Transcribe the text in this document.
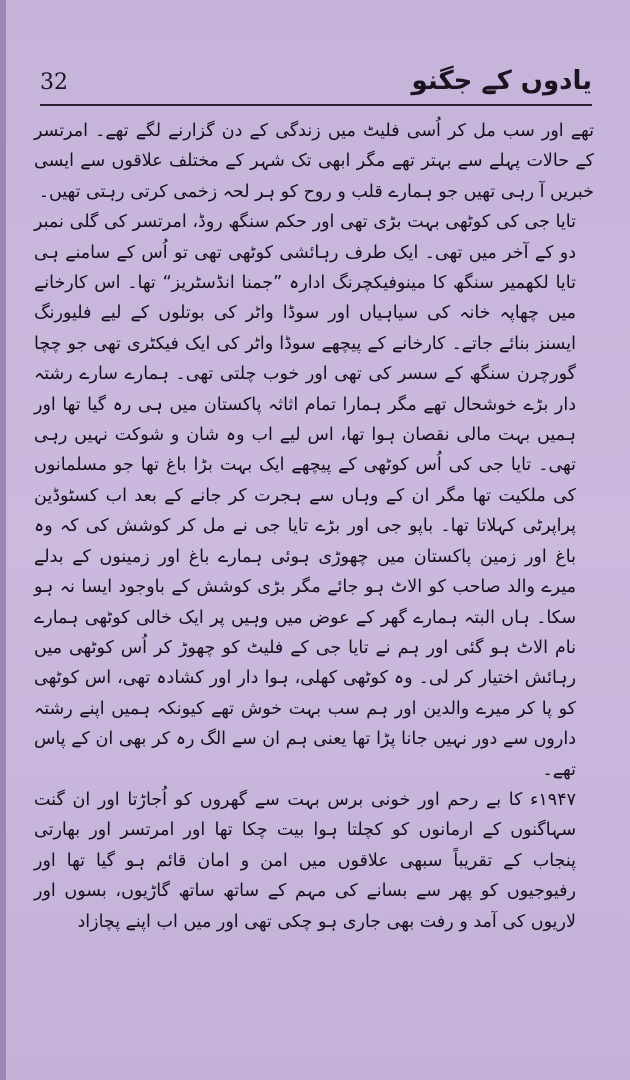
یادوں کے جگنو
32

تھے اور سب مل کر اُسی فلیٹ میں زندگی کے دن گزارنے لگے تھے۔ امرتسر کے حالات پہلے سے بہتر تھے مگر ابھی تک شہر کے مختلف علاقوں سے ایسی خبریں آ رہی تھیں جو ہمارے قلب و روح کو ہر لحہ زخمی کرتی رہتی تھیں۔

تایا جی کی کوٹھی بہت بڑی تھی اور حکم سنگھ روڈ، امرتسر کی گلی نمبر دو کے آخر میں تھی۔ ایک طرف رہائشی کوٹھی تھی تو اُس کے سامنے ہی تایا لکھمیر سنگھ کا مینوفیکچرنگ ادارہ ”جمنا انڈسٹریز“ تھا۔ اس کارخانے میں چھاپہ خانہ کی سیاہیاں اور سوڈا واٹر کی بوتلوں کے لیے فلیورنگ ایسنز بنائے جاتے۔ کارخانے کے پیچھے سوڈا واٹر کی ایک فیکٹری تھی جو چچا گورچرن سنگھ کے سسر کی تھی اور خوب چلتی تھی۔ ہمارے سارے رشتہ دار بڑے خوشحال تھے مگر ہمارا تمام اثاثہ پاکستان میں ہی رہ گیا تھا اور ہمیں بہت مالی نقصان ہوا تھا، اس لیے اب وہ شان و شوکت نہیں رہی تھی۔ تایا جی کی اُس کوٹھی کے پیچھے ایک بہت بڑا باغ تھا جو مسلمانوں کی ملکیت تھا مگر ان کے وہاں سے ہجرت کر جانے کے بعد اب کسٹوڈین پراپرٹی کہلاتا تھا۔ باپو جی اور بڑے تایا جی نے مل کر کوشش کی کہ وہ باغ اور زمین پاکستان میں چھوڑی ہوئی ہمارے باغ اور زمینوں کے بدلے میرے والد صاحب کو الاٹ ہو جائے مگر بڑی کوشش کے باوجود ایسا نہ ہو سکا۔ ہاں البتہ ہمارے گھر کے عوض میں وہیں پر ایک خالی کوٹھی ہمارے نام الاٹ ہو گئی اور ہم نے تایا جی کے فلیٹ کو چھوڑ کر اُس کوٹھی میں رہائش اختیار کر لی۔ وہ کوٹھی کھلی، ہوا دار اور کشادہ تھی، اس کوٹھی کو پا کر میرے والدین اور ہم سب بہت خوش تھے کیونکہ ہمیں اپنے رشتہ داروں سے دور نہیں جانا پڑا تھا یعنی ہم ان سے الگ رہ کر بھی ان کے پاس تھے۔

۱۹۴۷ء کا بے رحم اور خونی برس بہت سے گھروں کو اُجاڑتا اور ان گنت سہاگنوں کے ارمانوں کو کچلتا ہوا بیت چکا تھا اور امرتسر اور بھارتی پنجاب کے تقریباً سبھی علاقوں میں امن و امان قائم ہو گیا تھا اور رفیوجیوں کو پھر سے بسانے کی مہم کے ساتھ ساتھ گاڑیوں، بسوں اور لاریوں کی آمد و رفت بھی جاری ہو چکی تھی اور میں اب اپنے پچازاد
